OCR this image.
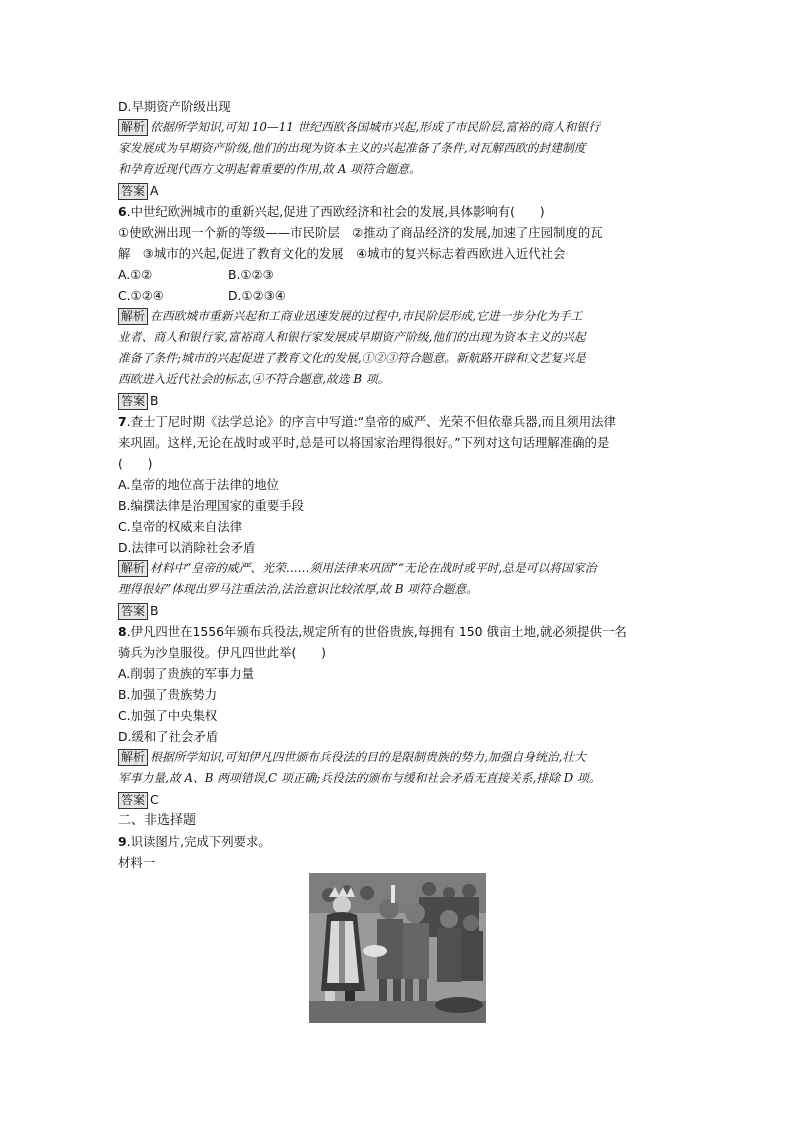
D.早期资产阶级出现
解析 依据所学知识,可知 10—11 世纪西欧各国城市兴起,形成了市民阶层,富裕的商人和银行
家发展成为早期资产阶级,他们的出现为资本主义的兴起准备了条件,对瓦解西欧的封建制度
和孕育近现代西方文明起着重要的作用,故 A 项符合题意。
答案 A
6.中世纪欧洲城市的重新兴起,促进了西欧经济和社会的发展,具体影响有(　　)
①使欧洲出现一个新的等级——市民阶层　②推动了商品经济的发展,加速了庄园制度的瓦
解　③城市的兴起,促进了教育文化的发展　④城市的复兴标志着西欧进入近代社会
A.①②	B.①②③
C.①②④	D.①②③④
解析 在西欧城市重新兴起和工商业迅速发展的过程中,市民阶层形成,它进一步分化为手工
业者、商人和银行家,富裕商人和银行家发展成早期资产阶级,他们的出现为资本主义的兴起
准备了条件;城市的兴起促进了教育文化的发展,①②③符合题意。新航路开辟和文艺复兴是
西欧进入近代社会的标志,④不符合题意,故选 B 项。
答案 B
7.查士丁尼时期《法学总论》的序言中写道:“皇帝的威严、光荣不但依靠兵器,而且须用法律
来巩固。这样,无论在战时或平时,总是可以将国家治理得很好。”下列对这句话理解准确的是
(　　)
A.皇帝的地位高于法律的地位
B.编撰法律是治理国家的重要手段
C.皇帝的权威来自法律
D.法律可以消除社会矛盾
解析 材料中“皇帝的威严、光荣……须用法律来巩固”“无论在战时或平时,总是可以将国家治
理得很好”体现出罗马注重法治,法治意识比较浓厚,故 B 项符合题意。
答案 B
8.伊凡四世在1556年颁布兵役法,规定所有的世俗贵族,每拥有 150 俄亩土地,就必须提供一名
骑兵为沙皇服役。伊凡四世此举(　　)
A.削弱了贵族的军事力量
B.加强了贵族势力
C.加强了中央集权
D.缓和了社会矛盾
解析 根据所学知识,可知伊凡四世颁布兵役法的目的是限制贵族的势力,加强自身统治,壮大
军事力量,故 A、B 两项错误,C 项正确;兵役法的颁布与缓和社会矛盾无直接关系,排除 D 项。
答案 C
二、非选择题
9.识读图片,完成下列要求。
材料一
